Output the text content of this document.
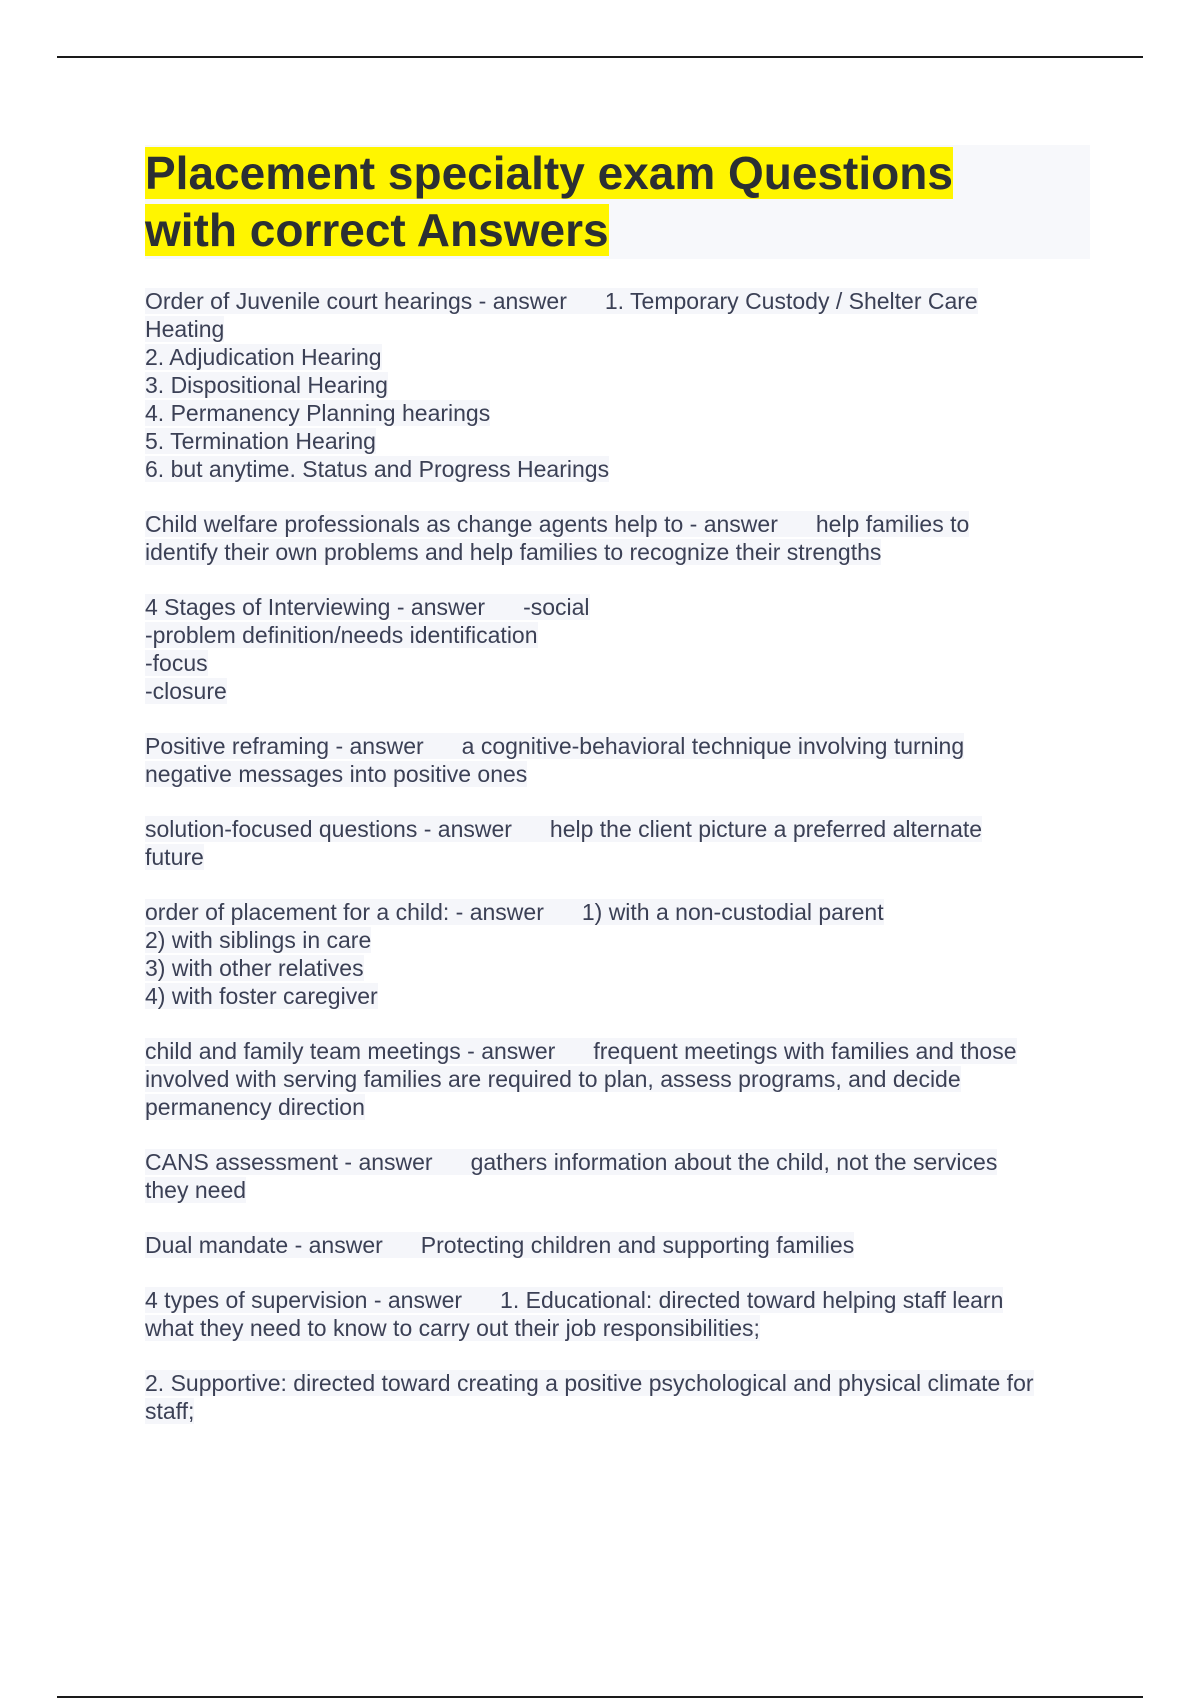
Placement specialty exam Questions
with correct Answers
Order of Juvenile court hearings - answer 1. Temporary Custody / Shelter Care
Heating
2. Adjudication Hearing
3. Dispositional Hearing
4. Permanency Planning hearings
5. Termination Hearing
6. but anytime. Status and Progress Hearings
Child welfare professionals as change agents help to - answer help families to
identify their own problems and help families to recognize their strengths
4 Stages of Interviewing - answer -social
-problem definition/needs identification
-focus
-closure
Positive reframing - answer a cognitive-behavioral technique involving turning
negative messages into positive ones
solution-focused questions - answer help the client picture a preferred alternate
future
order of placement for a child: - answer 1) with a non-custodial parent
2) with siblings in care
3) with other relatives
4) with foster caregiver
child and family team meetings - answer frequent meetings with families and those
involved with serving families are required to plan, assess programs, and decide
permanency direction
CANS assessment - answer gathers information about the child, not the services
they need
Dual mandate - answer Protecting children and supporting families
4 types of supervision - answer 1. Educational: directed toward helping staff learn
what they need to know to carry out their job responsibilities;
2. Supportive: directed toward creating a positive psychological and physical climate for
staff;
